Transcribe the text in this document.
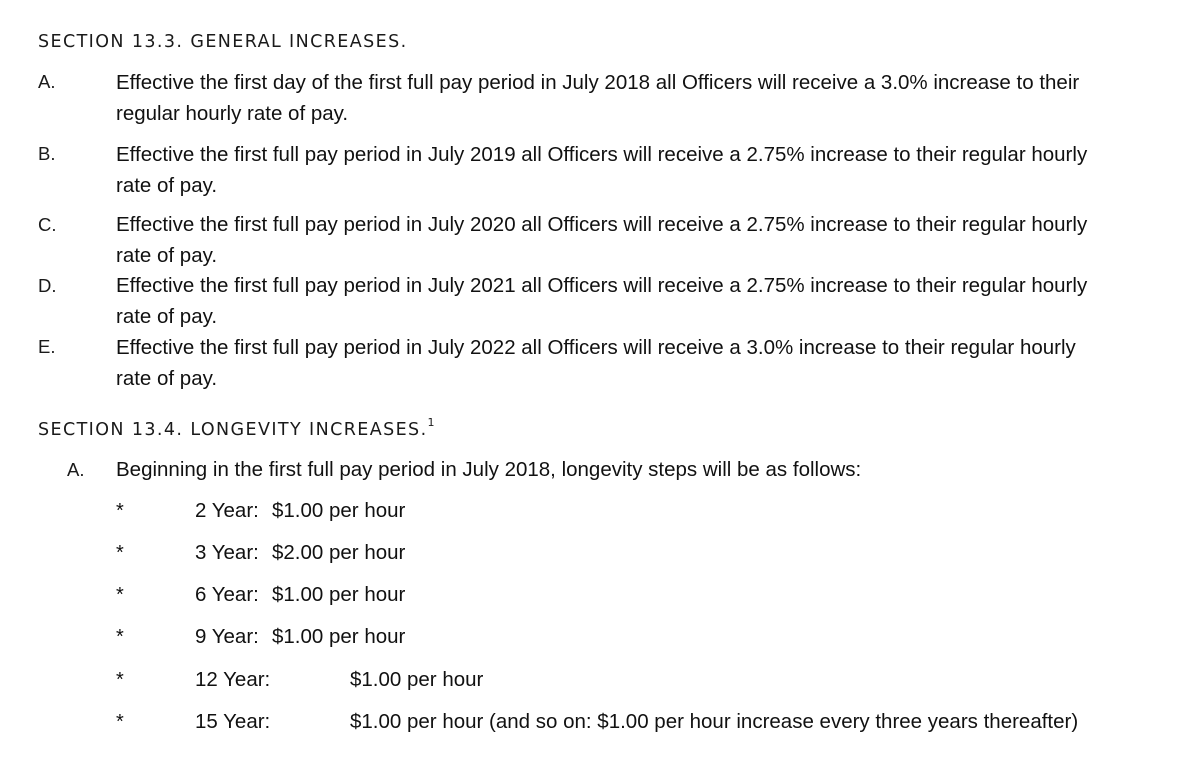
SECTION 13.3. GENERAL INCREASES.
A.	Effective the first day of the first full pay period in July 2018 all Officers will receive a 3.0% increase to their
regular hourly rate of pay.
B.	Effective the first full pay period in July 2019 all Officers will receive a 2.75% increase to their regular hourly
rate of pay.
C.	Effective the first full pay period in July 2020 all Officers will receive a 2.75% increase to their regular hourly
rate of pay.
D.	Effective the first full pay period in July 2021 all Officers will receive a 2.75% increase to their regular hourly
rate of pay.
E.	Effective the first full pay period in July 2022 all Officers will receive a 3.0% increase to their regular hourly
rate of pay.
SECTION 13.4. LONGEVITY INCREASES.$^1$
A. Beginning in the first full pay period in July 2018, longevity steps will be as follows:
*	2 Year: $1.00 per hour
*	3 Year: $2.00 per hour
*	6 Year: $1.00 per hour
*	9 Year: $1.00 per hour
*	12 Year:	$1.00 per hour
*	15 Year:	$1.00 per hour (and so on: $1.00 per hour increase every three years thereafter)
